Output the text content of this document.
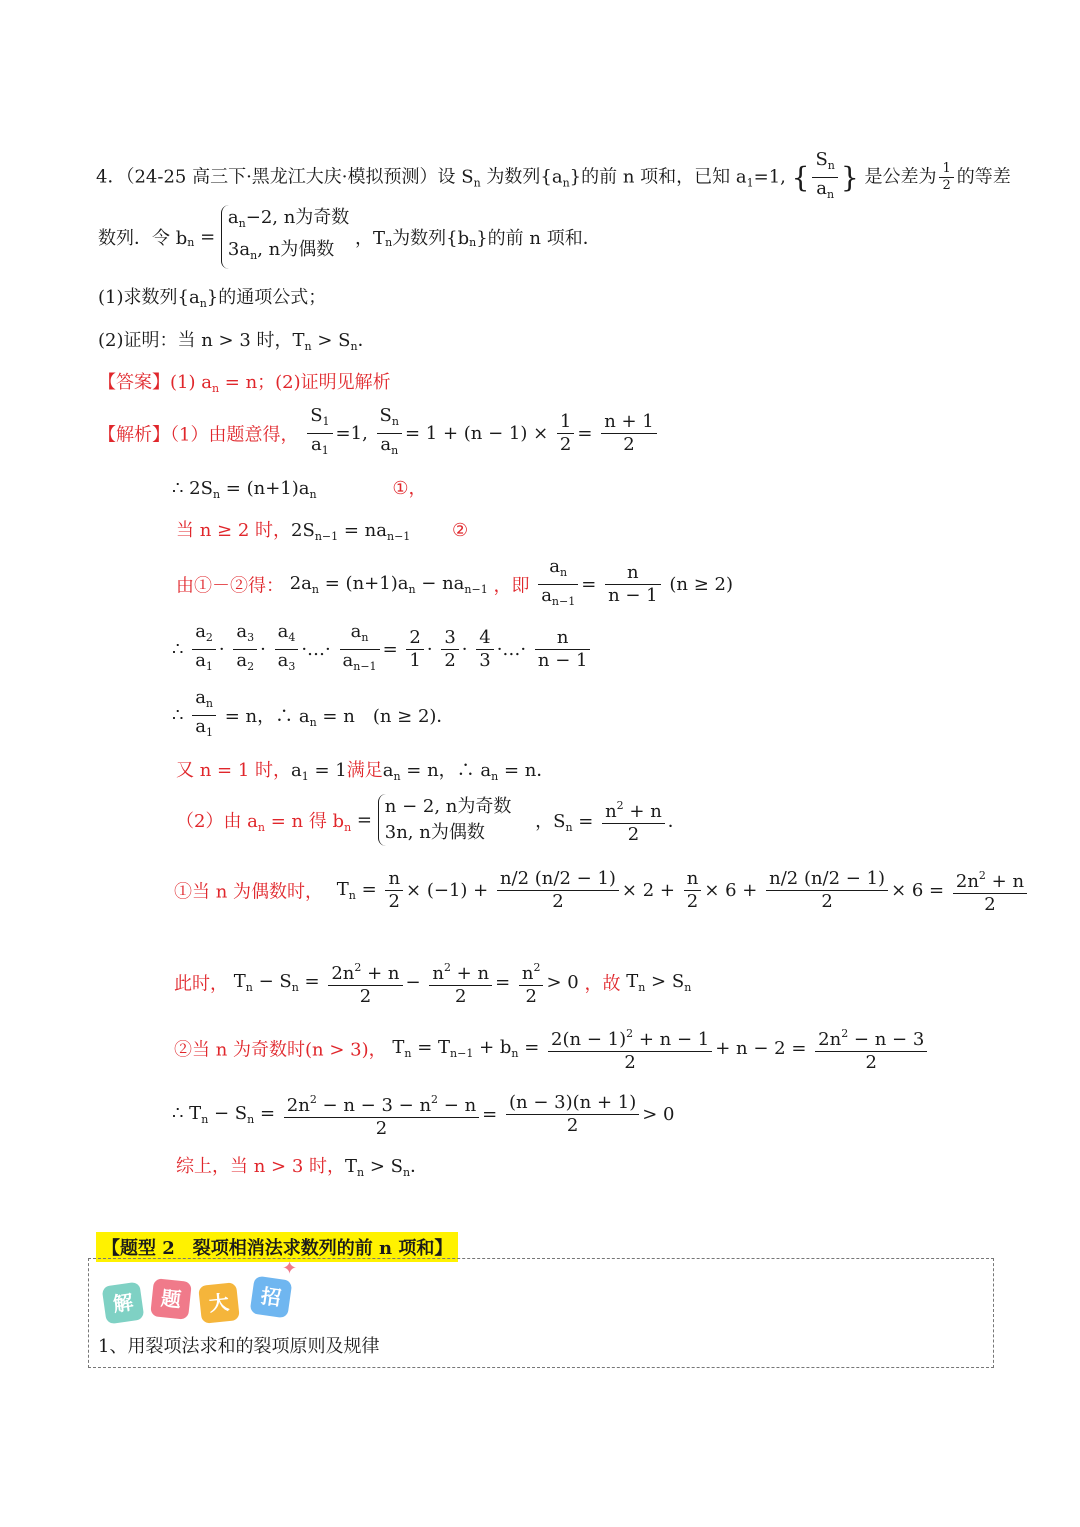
4．（24-25 高三下·黑龙江大庆·模拟预测）设 $S_n$ 为数列$\{a_n\}$的前 n 项和，已知 $a_1=1$, { $\frac{S_n}{a_n}$ } 是公差为 $\frac{1}{2}$ 的等差
数列．令 $b_n = a_n-2$, n为奇数
$3a_n$, n为偶数 ，$T_n$为数列$\{b_n\}$的前 n 项和．
(1)求数列$\{a_n\}$的通项公式；
(2)证明：当 n > 3 时，$T_n > S_n$．
【答案】(1) $a_n = n$；(2)证明见解析
【解析】（1）由题意得， $\frac{S_1}{a_1} =1$, $\frac{S_n}{a_n} = 1 + (n - 1) \times \frac{1}{2} = \frac{n + 1}{2}$
∴ $2S_n = (n+1)a_n$	①，
当 n ≥ 2 时，$2S_{n-1} = na_{n-1}$ ②
由①－②得： $2a_n = (n+1)a_n - na_{n-1}$ ，即 $\frac{a_n}{a_{n-1}} = \frac{n}{n - 1} (n \ge 2)$
∴ $\frac{a_2}{a_1} \cdot \frac{a_3}{a_2} \cdot \frac{a_4}{a_3}$ ·…· $\frac{a_n}{a_{n-1}} = \frac{2}{1} \cdot \frac{3}{2} \cdot \frac{4}{3}$ ·…· $\frac{n}{n - 1}$
∴ $\frac{a_n}{a_1} = n$，∴ $a_n = n$　(n ≥ 2)．
又 n = 1 时，$a_1 = 1$满足$a_n = n$，∴ $a_n = n$．
（2）由 $a_n = n$ 得 $b_n = n - 2$, n为奇数
3n, n为偶数 ，$S_n = \frac{n^2 + n}{2}$ ．
①当 n 为偶数时， $T_n = \frac{n}{2} \times (-1) + \frac{n/2 (n/2 - 1)}{2} \times 2 + \frac{n}{2} \times 6 + \frac{n/2 (n/2 - 1)}{2} \times 6 = \frac{2n^2 + n}{2}$
此时， $T_n - S_n = \frac{2n^2 + n}{2} - \frac{n^2 + n}{2} = \frac{n^2}{2} > 0$ ，故 $T_n > S_n$
②当 n 为奇数时(n > 3)， $T_n = T_{n-1} + b_n = \frac{2(n - 1)^2 + n - 1}{2} + n - 2 = \frac{2n^2 - n - 3}{2}$
∴ $T_n - S_n = \frac{2n^2 - n - 3 - n^2 - n}{2} = \frac{(n - 3)(n + 1)}{2} > 0$
综上，当 n > 3 时，$T_n > S_n$．
【题型 2　裂项相消法求数列的前 n 项和】
解	题	大	招
✦
1、用裂项法求和的裂项原则及规律
